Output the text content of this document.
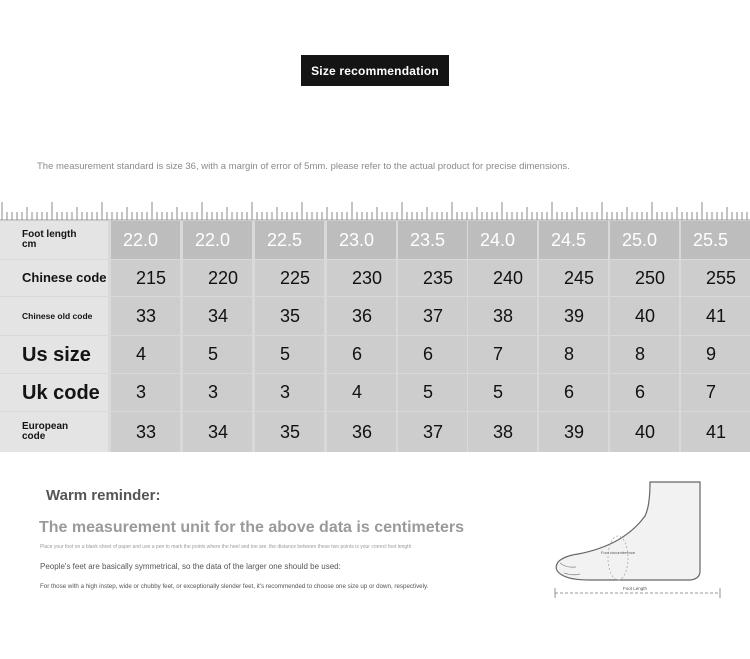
Size recommendation
The measurement standard is size 36, with a margin of error of 5mm. please refer to the actual product for precise dimensions.
Foot length
cm	22.0	22.0	22.5	23.0	23.5	24.0	24.5	25.0	25.5
Chinese code	215	220	225	230	235	240	245	250	255
Chinese old code	33	34	35	36	37	38	39	40	41
Us size	4	5	5	6	6	7	8	8	9
Uk code	3	3	3	4	5	5	6	6	7
European
code	33	34	35	36	37	38	39	40	41
Warm reminder:
The measurement unit for the above data is centimeters
Place your foot on a blank sheet of paper and use a pen to mark the points where the heel and toe are. the distance between these two points is your correct foot length
People's feet are basically symmetrical, so the data of the larger one should be used:
For those with a high instep, wide or chubby feet, or exceptionally slender feet, it's recommended to choose one size up or down, respectively.
Foot circumference
Foot Length
